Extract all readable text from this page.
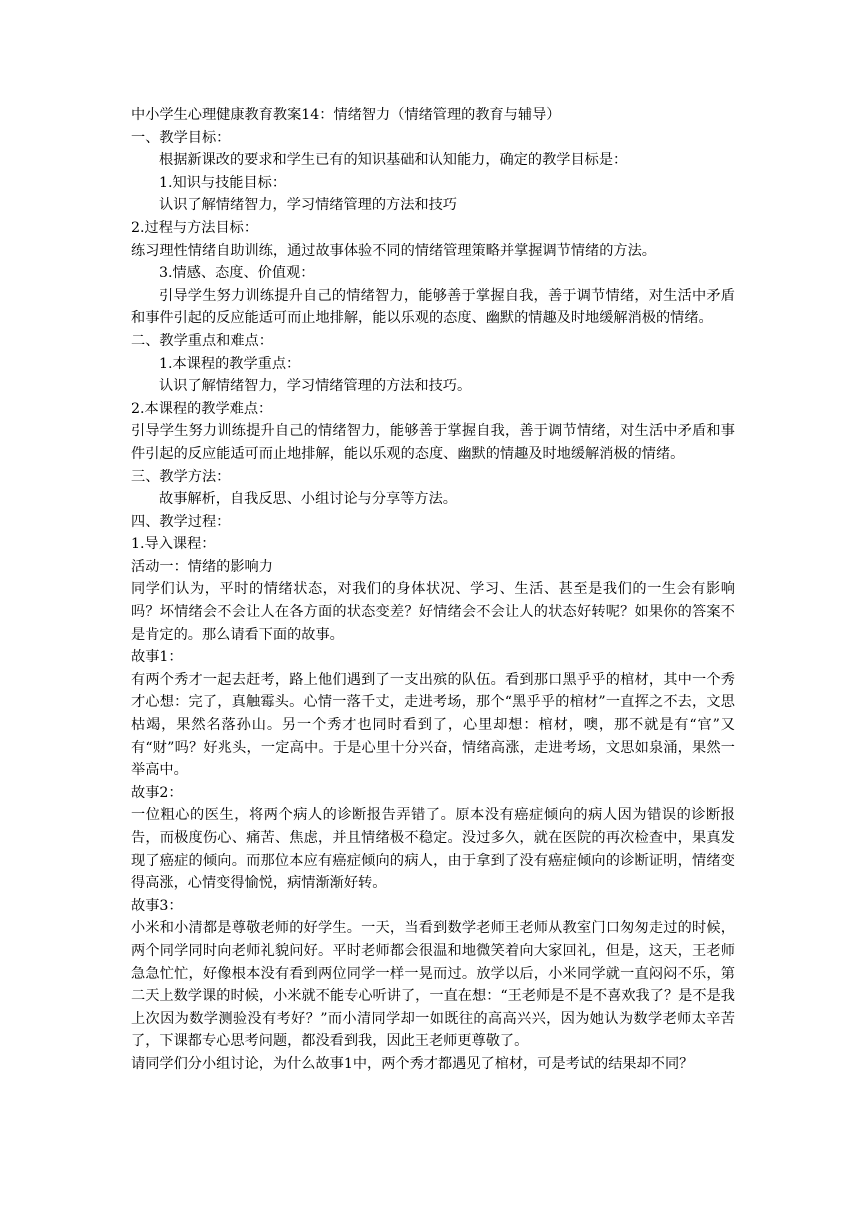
中小学生心理健康教育教案14：情绪智力（情绪管理的教育与辅导）

一、教学目标：

根据新课改的要求和学生已有的知识基础和认知能力，确定的教学目标是：

1.知识与技能目标：

认识了解情绪智力，学习情绪管理的方法和技巧

2.过程与方法目标：

练习理性情绪自助训练，通过故事体验不同的情绪管理策略并掌握调节情绪的方法。

3.情感、态度、价值观：

引导学生努力训练提升自己的情绪智力，能够善于掌握自我，善于调节情绪，对生活中矛盾和事件引起的反应能适可而止地排解，能以乐观的态度、幽默的情趣及时地缓解消极的情绪。

二、教学重点和难点：

1.本课程的教学重点：

认识了解情绪智力，学习情绪管理的方法和技巧。

2.本课程的教学难点：

引导学生努力训练提升自己的情绪智力，能够善于掌握自我，善于调节情绪，对生活中矛盾和事件引起的反应能适可而止地排解，能以乐观的态度、幽默的情趣及时地缓解消极的情绪。

三、教学方法：

故事解析，自我反思、小组讨论与分享等方法。

四、教学过程：

1.导入课程：

活动一：情绪的影响力

同学们认为，平时的情绪状态，对我们的身体状况、学习、生活、甚至是我们的一生会有影响吗？坏情绪会不会让人在各方面的状态变差？好情绪会不会让人的状态好转呢？如果你的答案不是肯定的。那么请看下面的故事。

故事1：

有两个秀才一起去赶考，路上他们遇到了一支出殡的队伍。看到那口黑乎乎的棺材，其中一个秀才心想：完了，真触霉头。心情一落千丈，走进考场，那个“黑乎乎的棺材”一直挥之不去，文思枯竭，果然名落孙山。另一个秀才也同时看到了，心里却想：棺材，噢，那不就是有“官”又有“财”吗？好兆头，一定高中。于是心里十分兴奋，情绪高涨，走进考场，文思如泉涌，果然一举高中。

故事2：

一位粗心的医生，将两个病人的诊断报告弄错了。原本没有癌症倾向的病人因为错误的诊断报告，而极度伤心、痛苦、焦虑，并且情绪极不稳定。没过多久，就在医院的再次检查中，果真发现了癌症的倾向。而那位本应有癌症倾向的病人，由于拿到了没有癌症倾向的诊断证明，情绪变得高涨，心情变得愉悦，病情渐渐好转。

故事3：

小米和小清都是尊敬老师的好学生。一天，当看到数学老师王老师从教室门口匆匆走过的时候，两个同学同时向老师礼貌问好。平时老师都会很温和地微笑着向大家回礼，但是，这天，王老师急急忙忙，好像根本没有看到两位同学一样一晃而过。放学以后，小米同学就一直闷闷不乐，第二天上数学课的时候，小米就不能专心听讲了，一直在想：“王老师是不是不喜欢我了？是不是我上次因为数学测验没有考好？”而小清同学却一如既往的高高兴兴，因为她认为数学老师太辛苦了，下课都专心思考问题，都没看到我，因此王老师更尊敬了。

请同学们分小组讨论，为什么故事1中，两个秀才都遇见了棺材，可是考试的结果却不同？
